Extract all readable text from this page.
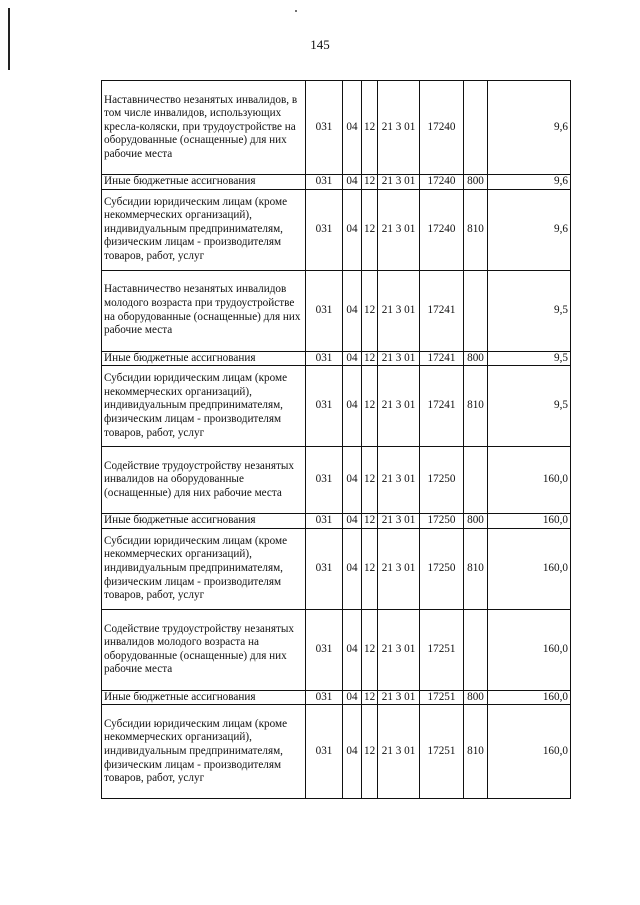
145
Наставничество незанятых инвалидов, в том числе инвалидов, использующих кресла-коляски, при трудоустройстве на оборудованные (оснащенные) для них рабочие места	031	04	12	21 3 01	17240		9,6
Иные бюджетные ассигнования	031	04	12	21 3 01	17240	800	9,6
Субсидии юридическим лицам (кроме некоммерческих организаций), индивидуальным предпринимателям, физическим лицам - производителям товаров, работ, услуг	031	04	12	21 3 01	17240	810	9,6
Наставничество незанятых инвалидов молодого возраста при трудоустройстве на оборудованные (оснащенные) для них рабочие места	031	04	12	21 3 01	17241		9,5
Иные бюджетные ассигнования	031	04	12	21 3 01	17241	800	9,5
Субсидии юридическим лицам (кроме некоммерческих организаций), индивидуальным предпринимателям, физическим лицам - производителям товаров, работ, услуг	031	04	12	21 3 01	17241	810	9,5
Содействие трудоустройству незанятых инвалидов на оборудованные (оснащенные) для них рабочие места	031	04	12	21 3 01	17250		160,0
Иные бюджетные ассигнования	031	04	12	21 3 01	17250	800	160,0
Субсидии юридическим лицам (кроме некоммерческих организаций), индивидуальным предпринимателям, физическим лицам - производителям товаров, работ, услуг	031	04	12	21 3 01	17250	810	160,0
Содействие трудоустройству незанятых инвалидов молодого возраста на оборудованные (оснащенные) для них рабочие места	031	04	12	21 3 01	17251		160,0
Иные бюджетные ассигнования	031	04	12	21 3 01	17251	800	160,0
Субсидии юридическим лицам (кроме некоммерческих организаций), индивидуальным предпринимателям, физическим лицам - производителям товаров, работ, услуг	031	04	12	21 3 01	17251	810	160,0
